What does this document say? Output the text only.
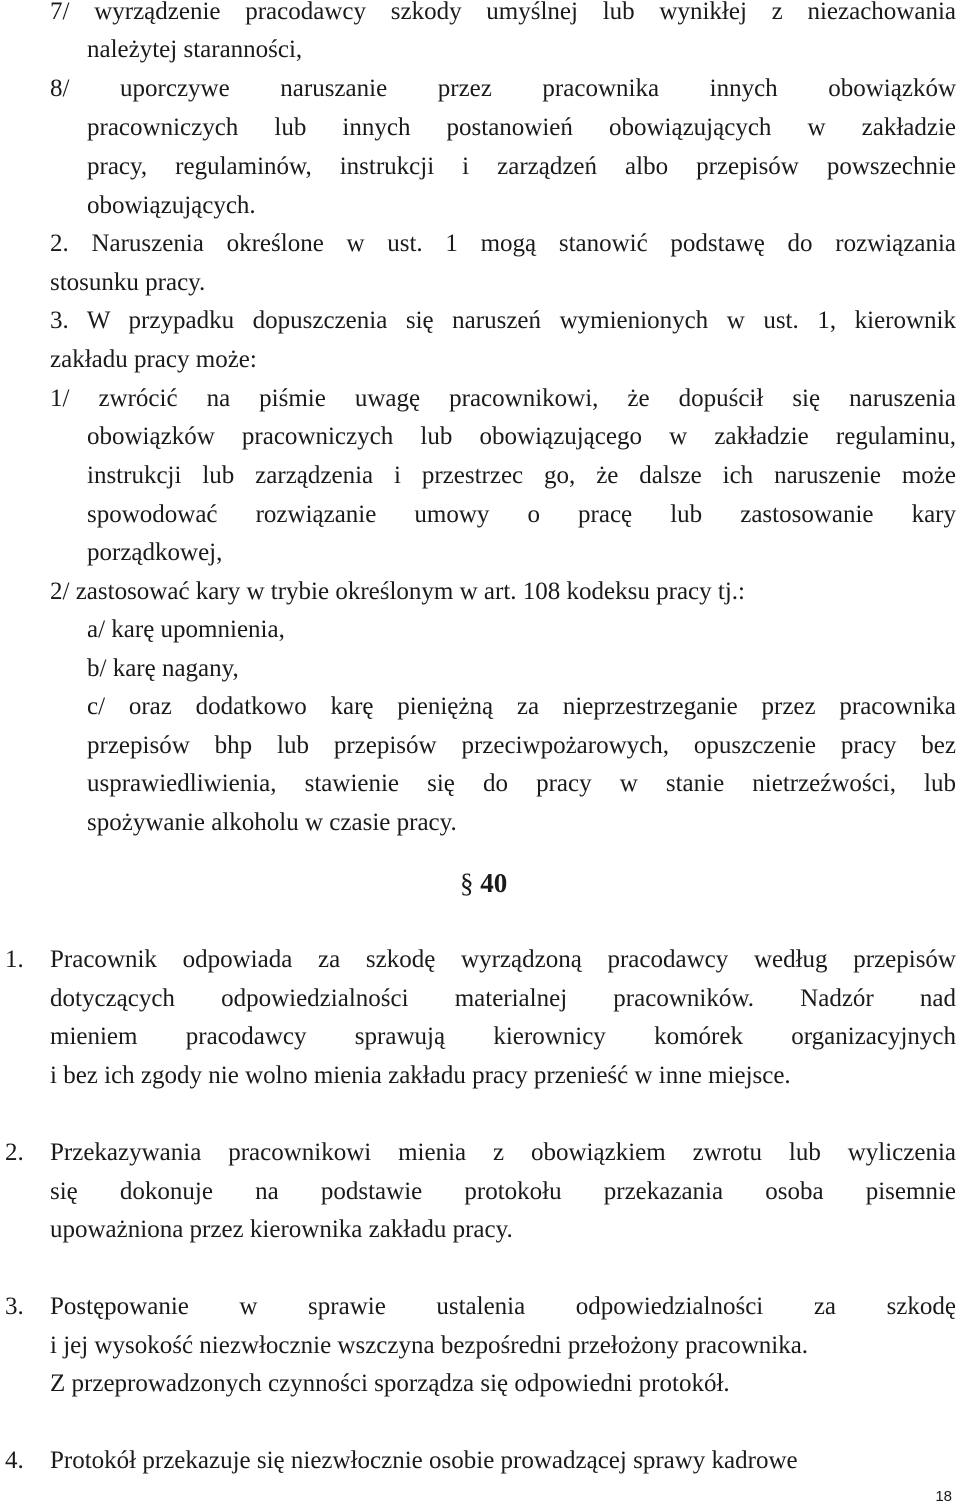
7/ wyrządzenie pracodawcy szkody umyślnej lub wynikłej z niezachowania
należytej staranności,
8/ uporczywe naruszanie przez pracownika innych obowiązków
pracowniczych lub innych postanowień obowiązujących w zakładzie
pracy, regulaminów, instrukcji i zarządzeń albo przepisów powszechnie
obowiązujących.
2. Naruszenia określone w ust. 1 mogą stanowić podstawę do rozwiązania
stosunku pracy.
3. W przypadku dopuszczenia się naruszeń wymienionych w ust. 1, kierownik
zakładu pracy może:
1/ zwrócić na piśmie uwagę pracownikowi, że dopuścił się naruszenia
obowiązków pracowniczych lub obowiązującego w zakładzie regulaminu,
instrukcji lub zarządzenia i przestrzec go, że dalsze ich naruszenie może
spowodować rozwiązanie umowy o pracę lub zastosowanie kary
porządkowej,
2/ zastosować kary w trybie określonym w art. 108 kodeksu pracy tj.:
a/ karę upomnienia,
b/ karę nagany,
c/ oraz dodatkowo karę pieniężną za nieprzestrzeganie przez pracownika
przepisów bhp lub przepisów przeciwpożarowych, opuszczenie pracy bez
usprawiedliwienia, stawienie się do pracy w stanie nietrzeźwości, lub
spożywanie alkoholu w czasie pracy.
§ 40
1. Pracownik odpowiada za szkodę wyrządzoną pracodawcy według przepisów
dotyczących odpowiedzialności materialnej pracowników. Nadzór nad
mieniem pracodawcy sprawują kierownicy komórek organizacyjnych
i bez ich zgody nie wolno mienia zakładu pracy przenieść w inne miejsce.
2. Przekazywania pracownikowi mienia z obowiązkiem zwrotu lub wyliczenia
się dokonuje na podstawie protokołu przekazania osoba pisemnie
upoważniona przez kierownika zakładu pracy.
3. Postępowanie w sprawie ustalenia odpowiedzialności za szkodę
i jej wysokość niezwłocznie wszczyna bezpośredni przełożony pracownika.
Z przeprowadzonych czynności sporządza się odpowiedni protokół.
4. Protokół przekazuje się niezwłocznie osobie prowadzącej sprawy kadrowe
18
